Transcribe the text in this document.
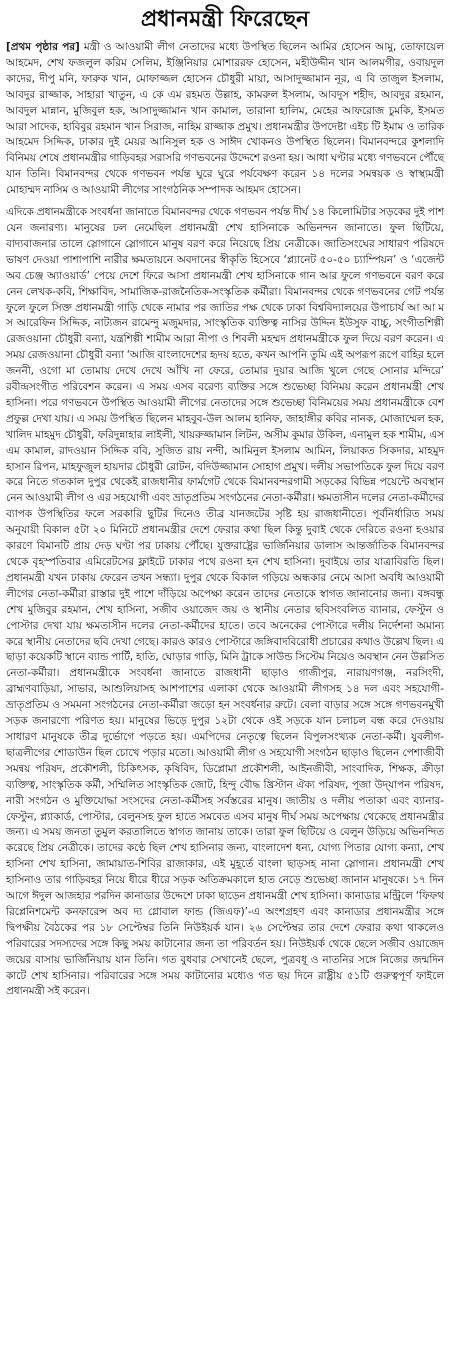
প্রধানমন্ত্রী ফিরেছেন

[প্রথম পৃষ্ঠার পর] মন্ত্রী ও আওয়ামী লীগ নেতাদের মধ্যে উপস্থিত ছিলেন আমির হোসেন আমু, তোফায়েল আহমেদ, শেখ ফজলুল করিম সেলিম, ইঞ্জিনিয়ার মোশাররফ হোসেন, মহীউদ্দীন খান আলমগীর, ওবায়দুল কাদের, দীপু মনি, ফারুক খান, মোফাজ্জল হোসেন চৌধুরী মায়া, আসাদুজ্জামান নূর, এ বি তাজুল ইসলাম, আবদুর রাজ্জাক, সাহারা খাতুন, এ কে এম রহমত উল্লাহ, কামরুল ইসলাম, আবদুস শহীদ, আবদুর রহমান, আবদুল মান্নান, মুজিবুল হক, আসাদুজ্জামান খান কামাল, তারানা হালিম, মেহের আফরোজ চুমকি, ইসমত আরা সাদেক, হাবিবুর রহমান খান সিরাজ, নাহিম রাজ্জাক প্রমুখ। প্রধানমন্ত্রীর উপদেষ্টা এইচ টি ইমাম ও তারিক আহমেদ সিদ্দিক, ঢাকার দুই মেয়র আনিসুল হক ও সাঈদ খোকনও উপস্থিত ছিলেন। বিমানবন্দরে কুশলাদি বিনিময় শেষে প্রধানমন্ত্রীর গাড়িবহর সরাসরি গণভবনের উদ্দেশে রওনা হয়। আধা ঘণ্টার মধ্যে গণভবনে পৌঁছে যান তিনি। বিমানবন্দর থেকে গণভবন পর্যন্ত ঘুরে ঘুরে পর্যবেক্ষণ করেন ১৪ দলের সমন্বয়ক ও স্বাস্থ্যমন্ত্রী মোহাম্মদ নাসিম ও আওয়ামী লীগের সাংগঠনিক সম্পাদক আহমদ হোসেন।

এদিকে প্রধানমন্ত্রীকে সংবর্ধনা জানাতে বিমানবন্দর থেকে গণভবন পর্যন্ত দীর্ঘ ১৪ কিলোমিটার সড়কের দুই পাশ যেন জনারণ্য। মানুষের ঢল নেমেছিল প্রধানমন্ত্রী শেখ হাসিনাকে অভিনন্দন জানাতে। ফুল ছিটিয়ে, বাদ্যবাজনার তালে স্লোগানে স্লোগানে মানুষ বরণ করে নিয়েছে প্রিয় নেত্রীকে। জাতিসংঘের সাধারণ পরিষদে ভাষণ দেওয়া পাশাপাশি নারীর ক্ষমতায়নে অবদানের স্বীকৃতি হিসেবে ‘প্ল্যানেট ৫০-৫০ চ্যাম্পিয়ন’ ও ‘এজেন্ট অব চেঞ্জ অ্যাওয়ার্ড’ পেয়ে দেশে ফিরে আসা প্রধানমন্ত্রী শেখ হাসিনাকে গান আর ফুলে গণভবনে বরণ করে নেন লেখক-কবি, শিক্ষাবিদ, সামাজিক-রাজনৈতিক-সংস্কৃতিক কর্মীরা। বিমানবন্দর থেকে গণভবনের গেট পর্যন্ত ফুলে ফুলে সিক্ত প্রধানমন্ত্রী গাড়ি থেকে নামার পর জাতির পক্ষ থেকে ঢাকা বিশ্ববিদ্যালয়ের উপাচার্য আ আ ম স আরেফিন সিদ্দিক, নাট্যজন রামেন্দু মজুমদার, সাংস্কৃতিক ব্যক্তিত্ব নাসির উদ্দিন ইউসুফ বাচ্চু, সংগীতশিল্পী রেজওয়ানা চৌধুরী বন্যা, যন্ত্রশিল্পী শামীম আরা নীপা ও শিবলী মহম্মদ প্রধানমন্ত্রীকে ফুল দিয়ে বরণ করেন। এ সময় রেজওয়ানা চৌধুরী বন্যা ‘আজি বাংলাদেশের হৃদয় হতে, কখন আপনি তুমি এই অপরূপ রূপে বাহির হলে জননী, ওগো মা তোমায় দেখে দেখে আঁখি না ফেরে, তোমার দুয়ার আজি খুলে গেছে সোনার মন্দিরে’ রবীন্দ্রসংগীত পরিবেশন করেন। এ সময় এসব বরেণ্য ব্যক্তির সঙ্গে শুভেচ্ছা বিনিময় করেন প্রধানমন্ত্রী শেখ হাসিনা। পরে গণভবনে উপস্থিত আওয়ামী লীগের নেতাদের সঙ্গে শুভেচ্ছা বিনিময়ের সময় প্রধানমন্ত্রীকে বেশ প্রফুল্ল দেখা যায়। এ সময় উপস্থিত ছিলেন মাহবুব-উল আলম হানিফ, জাহাঙ্গীর কবির নানক, মোজাম্মেল হক, খালিদ মাহমুদ চৌধুরী, ফরিদুন্নাহার লাইলী, খায়রুজ্জামান লিটন, অসীম কুমার উকিল, এনামুল হক শামীম, এস এম কামাল, রাদওয়ান সিদ্দিক ববি, সুজিত রায় নন্দী, আমিনুল ইসলাম আমিন, লিয়াকত সিকদার, মাহমুদ হাসান রিপন, মাহফুজুল হায়দার চৌধুরী রোটন, বদিউজ্জামান সোহাগ প্রমুখ। দলীয় সভাপতিকে ফুল দিয়ে বরণ করে নিতে গতকাল দুপুর থেকেই রাজধানীর ফার্মগেট থেকে বিমানবন্দরগামী সড়কের বিভিন্ন পয়েন্টে অবস্থান নেন আওয়ামী লীগ ও এর সহযোগী এবং ভ্রাতৃপ্রতিম সংগঠনের নেতা-কর্মীরা। ক্ষমতাসীন দলের নেতা-কর্মীদের ব্যাপক উপস্থিতির ফলে সরকারি ছুটির দিনেও তীব্র যানজটের সৃষ্টি হয় রাজধানীতে। পূর্বনির্ধারিত সময় অনুযায়ী বিকাল ৫টা ২০ মিনিটে প্রধানমন্ত্রীর দেশে ফেরার কথা ছিল কিন্তু দুবাই থেকে দেরিতে রওনা হওয়ার কারণে বিমানটি প্রায় দেড় ঘণ্টা পর ঢাকায় পৌঁছে। যুক্তরাষ্ট্রের ভার্জিনিয়ার ডালাস আন্তর্জাতিক বিমানবন্দর থেকে বৃহস্পতিবার এমিরেটসের ফ্লাইটে ঢাকার পথে রওনা হন শেখ হাসিনা। দুবাইয়ে তার যাত্রাবিরতি ছিল। প্রধানমন্ত্রী যখন ঢাকায় ফেরেন তখন সন্ধ্যা। দুপুর থেকে বিকাল গড়িয়ে অন্ধকার নেমে আসা অবধি আওয়ামী লীগের নেতা-কর্মীরা রাস্তার দুই পাশে দাঁড়িয়ে অপেক্ষা করেন তাদের নেতাকে স্বাগত জানানোর জন্য। বঙ্গবন্ধু শেখ মুজিবুর রহমান, শেখ হাসিনা, সজীব ওয়াজেদ জয় ও স্থানীয় নেতার ছবিসংবলিত ব্যানার, ফেস্টুন ও পোস্টার দেখা যায় ক্ষমতাসীন দলের নেতা-কর্মীদের হাতে। তবে অনেকের পোস্টারে দলীয় নির্দেশনা অমান্য করে স্থানীয় নেতাদের ছবি দেখা গেছে। কারও কারও পোস্টারে জঙ্গিবাদবিরোধী প্রচারের কথাও উল্লেখ ছিল। এ ছাড়া কয়েকটি স্থানে ব্যান্ড পার্টি, হাতি, ঘোড়ার গাড়ি, মিনি ট্রাকে সাউন্ড সিস্টেম নিয়েও অবস্থান নেন উল্লসিত নেতা-কর্মীরা। প্রধানমন্ত্রীকে সংবর্ধনা জানাতে রাজধানী ছাড়াও গাজীপুর, নারায়ণগঞ্জ, নরসিংদী, ব্রাহ্মণবাড়িয়া, সাভার, আশুলিয়াসহ আশপাশের এলাকা থেকে আওয়ামী লীগসহ ১৪ দল এবং সহযোগী-ভ্রাতৃপ্রতিম ও সমমনা সংগঠনের নেতা-কর্মীরা জড়ো হন সংবর্ধনার রুটে। বেলা বাড়ার সঙ্গে সঙ্গে গণভবনমুখী সড়ক জনারণ্যে পরিণত হয়। মানুষের ভিড়ে দুপুর ১২টা থেকে ওই সড়কে যান চলাচল বন্ধ করে দেওয়ায় সাধারণ মানুষকে তীব্র দুর্ভোগে পড়তে হয়। এমপিদের নেতৃত্বে ছিলেন বিপুলসংখ্যক নেতা-কর্মী। যুবলীগ-ছাত্রলীগের শোডাউন ছিল চোখে পড়ার মতো। আওয়ামী লীগ ও সহযোগী সংগঠন ছাড়াও ছিলেন পেশাজীবী সমন্বয় পরিষদ, প্রকৌশলী, চিকিৎসক, কৃষিবিদ, ডিপ্লোমা প্রকৌশলী, আইনজীবী, সাংবাদিক, শিক্ষক, ক্রীড়া ব্যক্তিত্ব, সাংস্কৃতিক কর্মী, সম্মিলিত সাংস্কৃতিক জোট, হিন্দু বৌদ্ধ খ্রিস্টান ঐক্য পরিষদ, পূজা উদ্‌যাপন পরিষদ, নারী সংগঠন ও মুক্তিযোদ্ধা সংসদের নেতা-কর্মীসহ সর্বস্তরের মানুষ। জাতীয় ও দলীয় পতাকা এবং ব্যানার-ফেস্টুন, প্ল্যাকার্ড, পোস্টার, বেলুনসহ ফুল হাতে সমবেত এসব মানুষ দীর্ঘ সময় অপেক্ষায় থেকেছে প্রধানমন্ত্রীর জন্য। এ সময় জনতা তুমুল করতালিতে স্বাগত জানায় তাকে। তারা ফুল ছিটিয়ে ও বেলুন উড়িয়ে অভিনন্দিত করেছে প্রিয় নেত্রীকে। তাদের কণ্ঠে ছিল শেখ হাসিনার জন্য, বাংলাদেশ ধন্য, যোগ্য পিতার যোগ্য কন্যা, শেখ হাসিনা শেখ হাসিনা, জামায়াত-শিবির রাজাকার, এই মুহূর্তে বাংলা ছাড়সহ নানা স্লোগান। প্রধানমন্ত্রী শেখ হাসিনাও তার গাড়িবহর নিয়ে ধীরে ধীরে সড়ক অতিক্রমকালে হাত নেড়ে শুভেচ্ছা জানান মানুষকে। ১৭ দিন আগে ঈদুল আজহার পরদিন কানাডার উদ্দেশে ঢাকা ছাড়েন প্রধানমন্ত্রী শেখ হাসিনা। কানাডার মন্ট্রিলে ‘ফিফথ রিপ্লেনিশমেন্ট কনফারেন্স অব দ্য গ্লোবাল ফান্ড (জিএফ)’-এ অংশগ্রহণ এবং কানাডার প্রধানমন্ত্রীর সঙ্গে দ্বিপক্ষীয় বৈঠকের পর ১৮ সেপ্টেম্বর তিনি নিউইয়র্ক যান। ২৬ সেপ্টেম্বর তার দেশে ফেরার কথা থাকলেও পরিবারের সদস্যদের সঙ্গে কিছু সময় কাটানোর জন্য তা পরিবর্তন হয়। নিউইয়র্ক থেকে ছেলে সজীব ওয়াজেদ জয়ের বাসায় ভার্জিনিয়ায় যান তিনি। গত বুধবার সেখানেই ছেলে, পুত্রবধূ ও নাতনির সঙ্গে নিজের জন্মদিন কাটে শেখ হাসিনার। পরিবারের সঙ্গে সময় কাটানোর মধ্যেও গত ছয় দিনে রাষ্ট্রীয় ৫১টি গুরুত্বপূর্ণ ফাইলে প্রধানমন্ত্রী সই করেন।
